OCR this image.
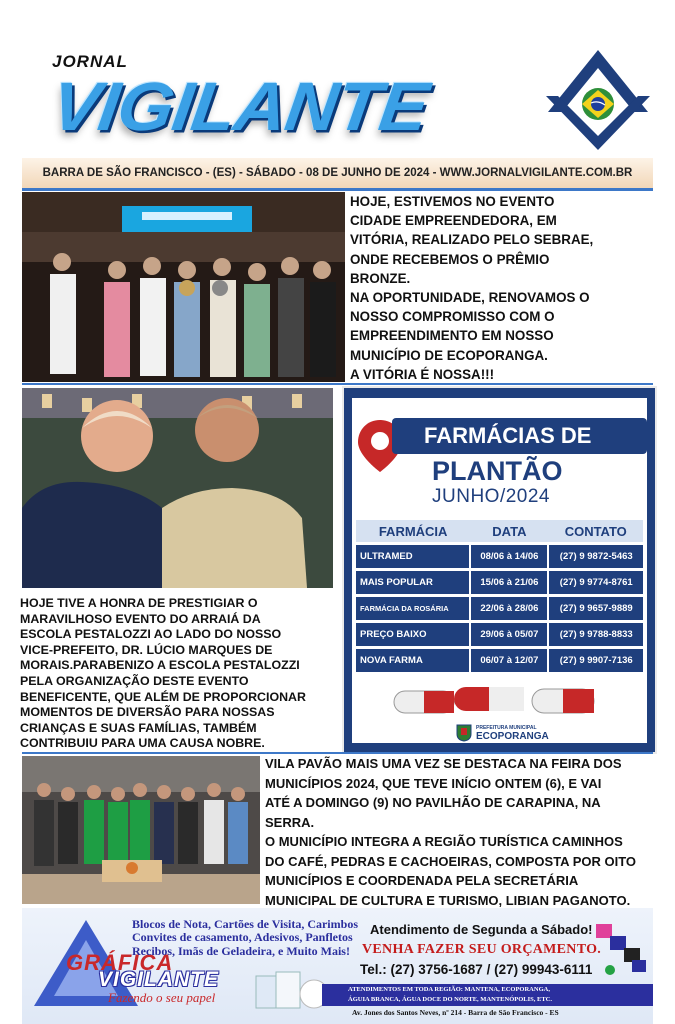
JORNAL
VIGILANTE
BARRA DE SÃO FRANCISCO - (ES) - SÁBADO - 08 DE JUNHO DE 2024 - WWW.JORNALVIGILANTE.COM.BR

HOJE, ESTIVEMOS NO EVENTO

CIDADE EMPREENDEDORA, EM

VITÓRIA, REALIZADO PELO SEBRAE,

ONDE RECEBEMOS O PRÊMIO

BRONZE.

NA OPORTUNIDADE, RENOVAMOS O

NOSSO COMPROMISSO COM O

EMPREENDIMENTO EM NOSSO

MUNICÍPIO DE ECOPORANGA.

A VITÓRIA É NOSSA!!!

HOJE TIVE A HONRA DE PRESTIGIAR O
MARAVILHOSO EVENTO DO ARRAIÁ DA
ESCOLA PESTALOZZI AO LADO DO NOSSO
VICE-PREFEITO, DR. LÚCIO MARQUES DE
MORAIS.PARABENIZO A ESCOLA PESTALOZZI
PELA ORGANIZAÇÃO DESTE EVENTO
BENEFICENTE, QUE ALÉM DE PROPORCIONAR
MOMENTOS DE DIVERSÃO PARA NOSSAS
CRIANÇAS E SUAS FAMÍLIAS, TAMBÉM
CONTRIBUIU PARA UMA CAUSA NOBRE.
FARMÁCIAS DE
PLANTÃO
JUNHO/2024
FARMÁCIA	DATA	CONTATO
ULTRAMED	08/06 à 14/06	(27) 9 9872-5463
MAIS POPULAR	15/06 à 21/06	(27) 9 9774-8761
FARMÁCIA DA ROSÁRIA	22/06 à 28/06	(27) 9 9657-9889
PREÇO BAIXO	29/06 à 05/07	(27) 9 9788-8833
NOVA FARMA	06/07 à 12/07	(27) 9 9907-7136
PREFEITURA MUNICIPAL
ECOPORANGA
VILA PAVÃO MAIS UMA VEZ SE DESTACA NA FEIRA DOS
MUNICÍPIOS 2024, QUE TEVE INÍCIO ONTEM (6), E VAI
ATÉ A DOMINGO (9) NO PAVILHÃO DE CARAPINA, NA
SERRA.
O MUNICÍPIO INTEGRA A REGIÃO TURÍSTICA CAMINHOS
DO CAFÉ, PEDRAS E CACHOEIRAS, COMPOSTA POR OITO
MUNICÍPIOS E COORDENADA PELA SECRETÁRIA
MUNICIPAL DE CULTURA E TURISMO, LIBIAN PAGANOTO.
GRÁFICA
VIGILANTE
Fazendo o seu papel
Blocos de Nota, Cartões de Visita, Carimbos
Convites de casamento, Adesivos, Panfletos
Recibos, Imãs de Geladeira, e Muito Mais!
Atendimento de Segunda a Sábado!
VENHA FAZER SEU ORÇAMENTO.
Tel.: (27) 3756-1687 / (27) 99943-6111
ATENDIMENTOS EM TODA REGIÃO: MANTENA, ECOPORANGA,
ÁGUIA BRANCA, ÁGUA DOCE DO NORTE, MANTENÓPOLIS, ETC.
Av. Jones dos Santos Neves, nº 214 - Barra de São Francisco - ES
